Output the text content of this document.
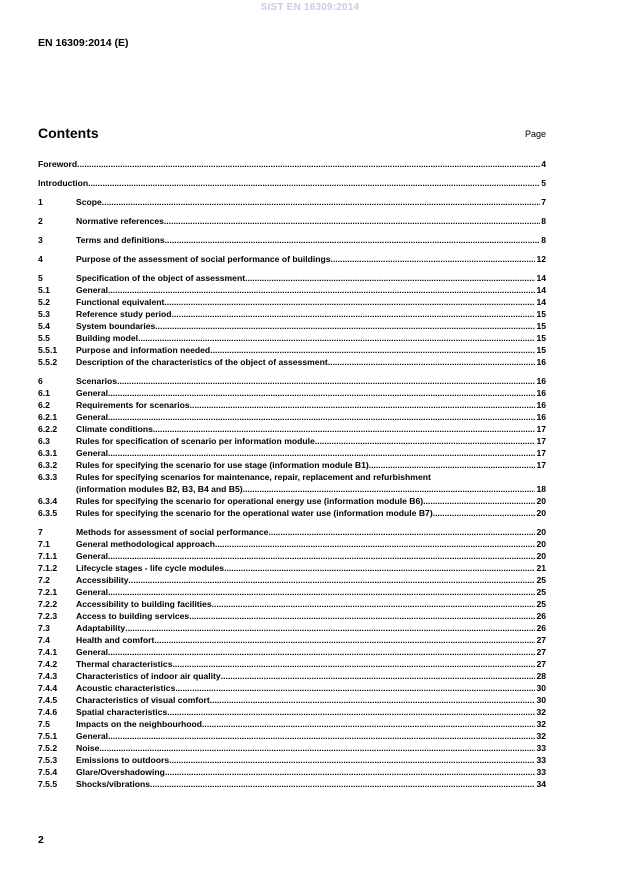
SIST EN 16309:2014
EN 16309:2014 (E)
Contents	Page
Foreword .....	4
Introduction .....	5
1	Scope .....	7
2	Normative references .....	8
3	Terms and definitions .....	8
4	Purpose of the assessment of social performance of buildings .....	12
5	Specification of the object of assessment .....	14
5.1	General .....	14
5.2	Functional equivalent .....	14
5.3	Reference study period .....	15
5.4	System boundaries .....	15
5.5	Building model .....	15
5.5.1	Purpose and information needed .....	15
5.5.2	Description of the characteristics of the object of assessment .....	16
6	Scenarios .....	16
6.1	General .....	16
6.2	Requirements for scenarios .....	16
6.2.1	General .....	16
6.2.2	Climate conditions .....	17
6.3	Rules for specification of scenario per information module .....	17
6.3.1	General .....	17
6.3.2	Rules for specifying the scenario for use stage (information module B1) .....	17
6.3.3	Rules for specifying scenarios for maintenance, repair, replacement and refurbishment
(information modules B2, B3, B4 and B5) .....	18
6.3.4	Rules for specifying the scenario for operational energy use (information module B6) .....	20
6.3.5	Rules for specifying the scenario for the operational water use (information module B7) .....	20
7	Methods for assessment of social performance .....	20
7.1	General methodological approach .....	20
7.1.1	General .....	20
7.1.2	Lifecycle stages - life cycle modules .....	21
7.2	Accessibility .....	25
7.2.1	General .....	25
7.2.2	Accessibility to building facilities .....	25
7.2.3	Access to building services .....	26
7.3	Adaptability .....	26
7.4	Health and comfort .....	27
7.4.1	General .....	27
7.4.2	Thermal characteristics .....	27
7.4.3	Characteristics of indoor air quality .....	28
7.4.4	Acoustic characteristics .....	30
7.4.5	Characteristics of visual comfort .....	30
7.4.6	Spatial characteristics .....	32
7.5	Impacts on the neighbourhood .....	32
7.5.1	General .....	32
7.5.2	Noise .....	33
7.5.3	Emissions to outdoors .....	33
7.5.4	Glare/Overshadowing .....	33
7.5.5	Shocks/vibrations .....	34
2
